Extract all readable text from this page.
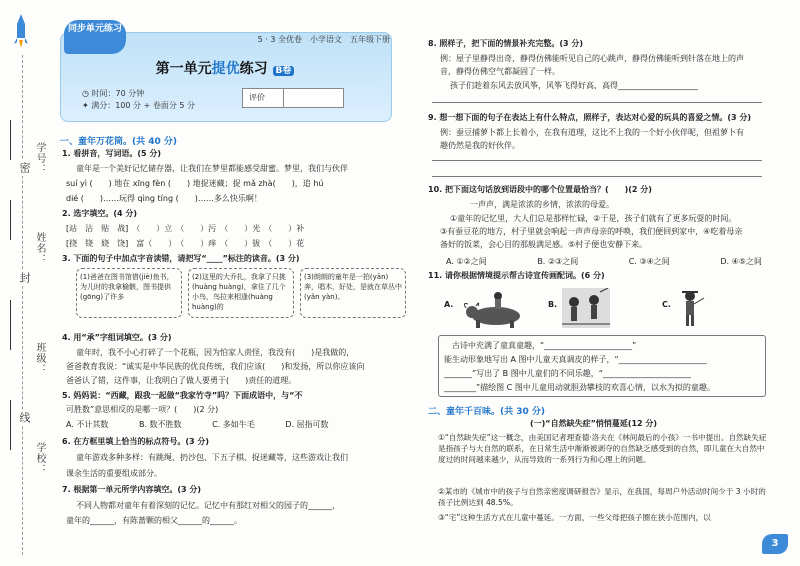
密
封
线
学号：
姓名：
班级：
学校：
5 · 3 全优卷　小学语文　五年级下册
同步单元练习
第一单元提优练习 B卷
◷ 时间：70 分钟
✦ 满分：100 分 + 卷面分 5 分
评价
一、童年万花筒。(共 40 分)
1. 看拼音，写词语。(5 分)
童年是一个美好记忆储存器，让我们在梦里都能感受甜蜜。梦里，我们与伙伴
suí yì (　　) 地在 xīng fèn (　　) 地捉迷藏；捉 mǎ zhà(　　)，追 hú
dié (　　)……玩得 qìng tíng (　　)……多么快乐啊！
2. 选字填空。(4 分)
[站　沾　贴　战]　（　　）立　（　　）污　（　　）光　（　　）补
[挠　铙　娆　饶]　富（　　）　（　　）痒　（　　）钹　（　　）花
3. 下面的句子中加点字音读错，请把写“____”标注的读音。(3 分)
(1)爸爸在图书馆借(jiè)鱼书，为儿时的我拿榆骸，图书提供(gōng)了许多
(2)这里的大乔扎，我拿了只挑(huàng huàng)，拿住了几个小鸟，鸟拉来相逢(huàng huàng)的
(3)朗朗的童年是一拍(yān)奔，唱木，好处，是就在草丛中(yǎn yàn)。
4. 用“承”字组词填空。(3 分)
童年时，我不小心打碎了一个花瓶，因为怕家人责怪，我没有(　　)是我做的，
爸爸教育我说：“诚实是中华民族的优良传统，我们应该(　　)和发扬，所以你应该向
爸爸认了错，这件事，让我明白了做人要勇于(　　)责任的道理。
5. 妈妈说：“西藏，跟我一起做“我家竹寺”吗？下面成语中，与“不
可胜数”意思相反的是哪一项？(　　)(2 分)
A. 不计其数	B. 数不胜数	C. 多如牛毛	D. 屈指可数
6. 在方框里填上恰当的标点符号。(3 分)
童年游戏多种多样：有跳绳、扔沙包、下五子棋、捉迷藏等，这些游戏让我们
课余生活的重要组成部分。
7. 根据第一单元所学内容填空。(3 分)
不同人物都对童年有着深刻的记忆。记忆中有那红对相父的园子的______，
童年的______，有陈蔷颗的相父______的______。
8. 照样子，把下面的情景补充完整。(3 分)
例：屋子里静得出奇，静得仿佛能听见自己的心跳声，静得仿佛能听到针落在地上的声
音，静得仿佛空气都凝固了一样。
孩子们趁着东风去放风筝，风筝飞得好高，高得____________________
9. 想一想下面的句子在表达上有什么特点，照样子，表达对心爱的玩具的喜爱之情。(3 分)
例：蚕豆捕萝卜都上长着小，在我有道理，这比不上我的一个好小伙伴呢，但祖萝卜有
趣仍然是我的好伙伴。
10. 把下面这句话放到语段中的哪个位置最恰当？(　　)(2 分)
一声声，满是浓浓的乡情，浓浓的母爱。
①童年的记忆里，大人们总是那样忙碌，②于是，孩子们就有了更多玩耍的时间。
③有蚕豆花的地方，村子里就会响起一声声母亲的呼唤，我们便回到家中，④吃着母亲
备好的饭菜，会心目的那般满足感。⑤村子便也安静下来。
A. ①②之间	B. ②③之间	C. ③④之间	D. ④⑤之间
11. 请你根据情境提示帮古诗宣传画配词。(6 分)
A.	B.	C.
古诗中充满了童真童趣，“______________________”
能生动形象地写出 A 图中儿童天真调皮的样子，“______________________
_______”写出了 B 图中儿童们的不同乐趣，“______________________
________”描绘图 C 图中儿童用动就胆劲攀枝的欢喜心情，以水为拟的童趣。
二、童年千百味。(共 30 分)
(一)“自然缺失症”悄悄蔓延(12 分)
①“自然缺失症”这一概念，由美国记者理查德·洛夫在《林间最后的小孩》一书中提出。自然缺失症是指孩子与大自然的联系，在日常生活中渐渐被剥夺的自然缺乏感受到的自然，即儿童在大自然中度过的时间越来越少，从而导致的一系列行为和心理上的问题。
②某市的《城市中的孩子与自然亲密度调研报告》显示，在我国，每周户外活动时间少于 3 小时的孩子比例达到 48.5%。
③“宅”这种生活方式在儿童中蔓延。一方面，一些父母把孩子圈在狭小范围内，以
3
